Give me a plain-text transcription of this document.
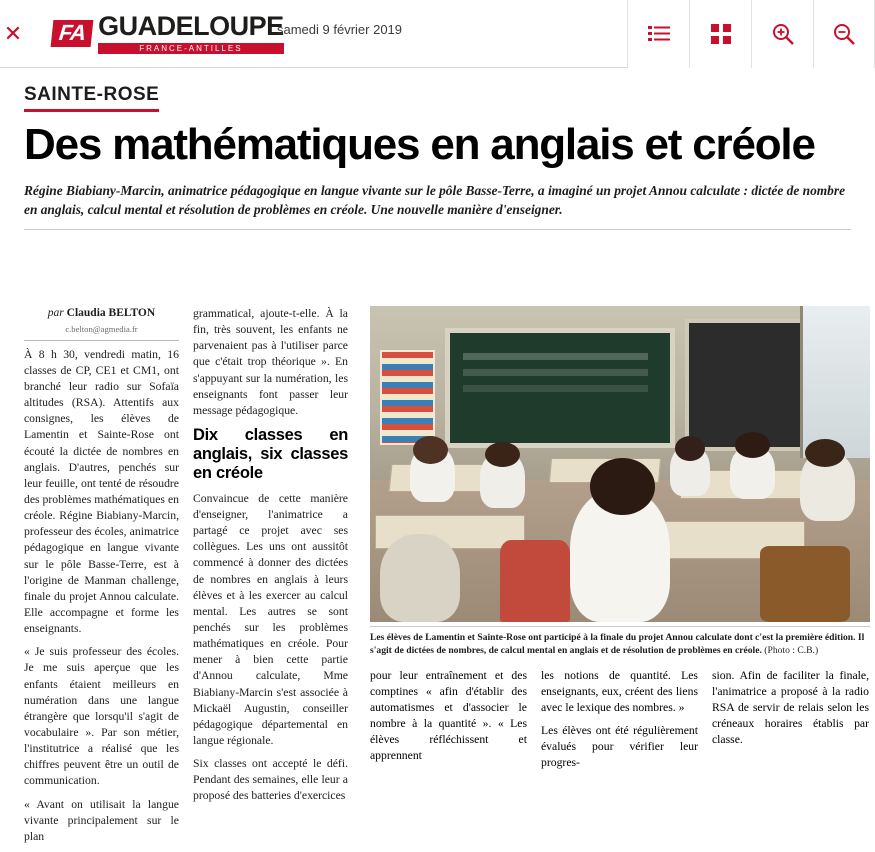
✕	FA GUADELOUPE
FRANCE-ANTILLES
samedi 9 février 2019
SAINTE-ROSE
Des mathématiques en anglais et créole
Régine Biabiany-Marcin, animatrice pédagogique en langue vivante sur le pôle Basse-Terre, a imaginé un projet Annou calculate : dictée de nombre en anglais, calcul mental et résolution de problèmes en créole. Une nouvelle manière d'enseigner.
par Claudia BELTON
c.belton@agmedia.fr

À 8 h 30, vendredi matin, 16 classes de CP, CE1 et CM1, ont branché leur radio sur Sofaïa altitudes (RSA). Attentifs aux consignes, les élèves de Lamentin et Sainte-Rose ont écouté la dictée de nombres en anglais. D'autres, penchés sur leur feuille, ont tenté de résoudre des problèmes mathématiques en créole. Régine Biabiany-Marcin, professeur des écoles, animatrice pédagogique en langue vivante sur le pôle Basse-Terre, est à l'origine de Manman challenge, finale du projet Annou calculate. Elle accompagne et forme les enseignants.

« Je suis professeur des écoles. Je me suis aperçue que les enfants étaient meilleurs en numération dans une langue étrangère que lorsqu'il s'agit de vocabulaire ». Par son métier, l'institutrice a réalisé que les chiffres peuvent être un outil de communication.

« Avant on utilisait la langue vivante principalement sur le plan

grammatical, ajoute-t-elle. À la fin, très souvent, les enfants ne parvenaient pas à l'utiliser parce que c'était trop théorique ». En s'appuyant sur la numération, les enseignants font passer leur message pédagogique.

Dix classes en anglais, six classes en créole

Convaincue de cette manière d'enseigner, l'animatrice a partagé ce projet avec ses collègues. Les uns ont aussitôt commencé à donner des dictées de nombres en anglais à leurs élèves et à les exercer au calcul mental. Les autres se sont penchés sur les problèmes mathématiques en créole. Pour mener à bien cette partie d'Annou calculate, Mme Biabiany-Marcin s'est associée à Mickaël Augustin, conseiller pédagogique départemental en langue régionale.

Six classes ont accepté le défi. Pendant des semaines, elle leur a proposé des batteries d'exercices

Les élèves de Lamentin et Sainte-Rose ont participé à la finale du projet Annou calculate dont c'est la première édition. Il s'agit de dictées de nombres, de calcul mental en anglais et de résolution de problèmes en créole. (Photo : C.B.)

pour leur entraînement et des comptines « afin d'établir des automatismes et d'associer le nombre à la quantité ». « Les élèves réfléchissent et apprennent

les notions de quantité. Les enseignants, eux, créent des liens avec le lexique des nombres. »

Les élèves ont été régulièrement évalués pour vérifier leur progres-

sion. Afin de faciliter la finale, l'animatrice a proposé à la radio RSA de servir de relais selon les créneaux horaires établis par classe.
